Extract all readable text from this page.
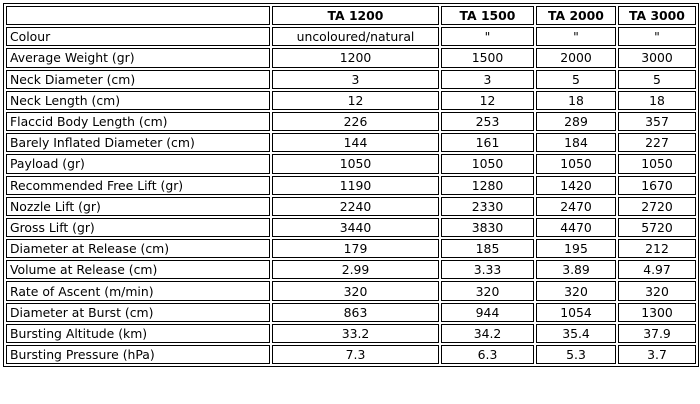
	TA 1200	TA 1500	TA 2000	TA 3000
Colour	uncoloured/natural	"	"	"
Average Weight (gr)	1200	1500	2000	3000
Neck Diameter (cm)	3	3	5	5
Neck Length (cm)	12	12	18	18
Flaccid Body Length (cm)	226	253	289	357
Barely Inflated Diameter (cm)	144	161	184	227
Payload (gr)	1050	1050	1050	1050
Recommended Free Lift (gr)	1190	1280	1420	1670
Nozzle Lift (gr)	2240	2330	2470	2720
Gross Lift (gr)	3440	3830	4470	5720
Diameter at Release (cm)	179	185	195	212
Volume at Release (cm)	2.99	3.33	3.89	4.97
Rate of Ascent (m/min)	320	320	320	320
Diameter at Burst (cm)	863	944	1054	1300
Bursting Altitude (km)	33.2	34.2	35.4	37.9
Bursting Pressure (hPa)	7.3	6.3	5.3	3.7
